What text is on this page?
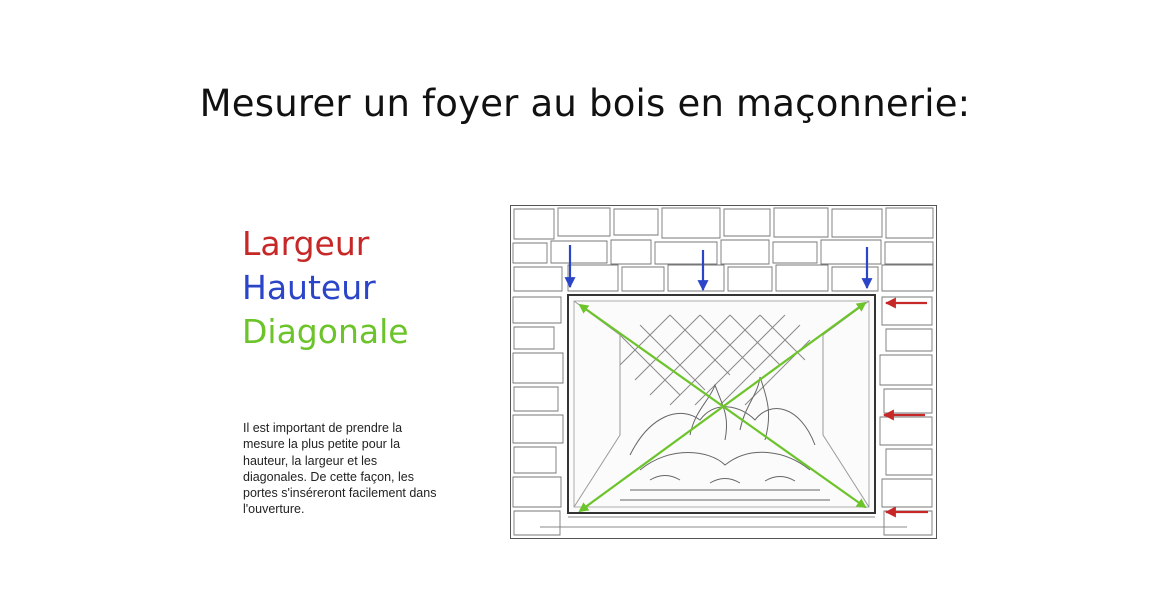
Mesurer un foyer au bois en maçonnerie:
Largeur
Hauteur
Diagonale
Il est important de prendre la mesure la plus petite pour la hauteur, la largeur et les diagonales. De cette façon, les portes s'inséreront facilement dans l'ouverture.
